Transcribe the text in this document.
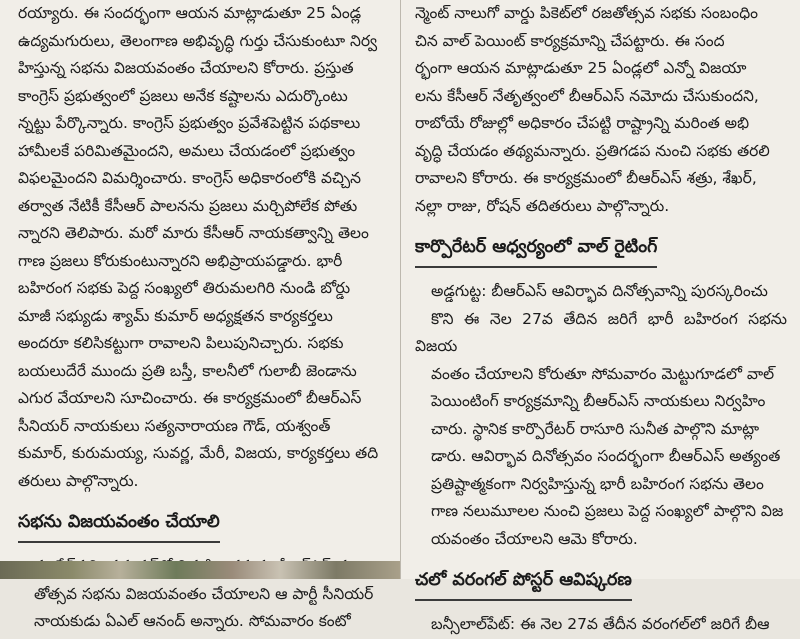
రయ్యారు. ఈ సందర్భంగా ఆయన మాట్లాడుతూ 25 ఏండ్ల
ఉద్యమగురులు, తెలంగాణ అభివృద్ధి గుర్తు చేసుకుంటూ నిర్వ
హిస్తున్న సభను విజయవంతం చేయాలని కోరారు. ప్రస్తుత
కాంగ్రెస్ ప్రభుత్వంలో ప్రజలు అనేక కష్టాలను ఎదుర్కొంటు
న్నట్టు పేర్కొన్నారు. కాంగ్రెస్ ప్రభుత్వం ప్రవేశపెట్టిన పథకాలు
హామీలకే పరిమితమైందని, అమలు చేయడంలో ప్రభుత్వం
విఫలమైందని విమర్శించారు. కాంగ్రెస్ అధికారంలోకి వచ్చిన
తర్వాత నేటికీ కేసీఆర్ పాలనను ప్రజలు మర్చిపోలేక పోతు
న్నారని తెలిపారు. మరో మారు కేసీఆర్ నాయకత్వాన్ని తెలం
గాణ ప్రజలు కోరుకుంటున్నారని అభిప్రాయపడ్డారు. భారీ
బహిరంగ సభకు పెద్ద సంఖ్యలో తిరుమలగిరి నుండి బోర్డు
మాజీ సభ్యుడు శ్యామ్ కుమార్ అధ్యక్షతన కార్యకర్తలు
అందరూ కలిసికట్టుగా రావాలని పిలుపునిచ్చారు. సభకు
బయలుదేరే ముందు ప్రతి బస్తీ, కాలనీలో గులాబీ జెండాను
ఎగుర వేయాలని సూచించారు. ఈ కార్యక్రమంలో బీఆర్ఎస్
సీనియర్ నాయకులు సత్యనారాయణ గౌడ్, యశ్వంత్
కుమార్, కురుమయ్య, సువర్ణ, మేరీ, విజయ, కార్యకర్తలు తది
తరులు పాల్గొన్నారు.
సభను విజయవంతం చేయాలి
తోత్సవ సభను విజయవంతం చేయాలని ఆ పార్టీ సీనియర్
నాయకుడు ఏఎల్ ఆనంద్ అన్నారు. సోమవారం కంటో
న్మెంట్ నాలుగో వార్డు పికెట్‌లో రజతోత్సవ సభకు సంబంధిం
చిన వాల్ పెయింట్ కార్యక్రమాన్ని చేపట్టారు. ఈ సంద
ర్భంగా ఆయన మాట్లాడుతూ 25 ఏండ్లలో ఎన్నో విజయా
లను కేసీఆర్ నేతృత్వంలో బీఆర్ఎస్ నమోదు చేసుకుందని,
రాబోయే రోజుల్లో అధికారం చేపట్టి రాష్ట్రాన్ని మరింత అభి
వృద్ధి చేయడం తథ్యమన్నారు. ప్రతిగడప నుంచి సభకు తరలి
రావాలని కోరారు. ఈ కార్యక్రమంలో బీఆర్ఎస్ శత్రు, శేఖర్,
నల్లా రాజు, రోషన్ తదితరులు పాల్గొన్నారు.
కార్పొరేటర్ ఆధ్వర్యంలో వాల్ రైటింగ్
అడ్డగుట్ట: బీఆర్ఎస్ ఆవిర్భావ దినోత్సవాన్ని పురస్కరించు
కొని ఈ నెల 27వ తేదిన జరిగే భారీ బహిరంగ సభను విజయ
వంతం చేయాలని కోరుతూ సోమవారం మెట్టుగూడలో వాల్
పెయింటింగ్ కార్యక్రమాన్ని బీఆర్ఎస్ నాయకులు నిర్వహిం
చారు. స్థానిక కార్పొరేటర్ రాసూరి సునీత పాల్గొని మాట్లా
డారు. ఆవిర్భావ దినోత్సవం సందర్భంగా బీఆర్ఎస్ అత్యంత
ప్రతిష్టాత్మకంగా నిర్వహిస్తున్న భారీ బహిరంగ సభను తెలం
గాణ నలుమూలల నుంచి ప్రజలు పెద్ద సంఖ్యలో పాల్గొని విజ
యవంతం చేయాలని ఆమె కోరారు.
చలో వరంగల్ పోస్టర్ ఆవిష్కరణ
బన్సీలాల్‌పేట్: ఈ నెల 27వ తేదీన వరంగల్‌లో జరిగే బీఆ
